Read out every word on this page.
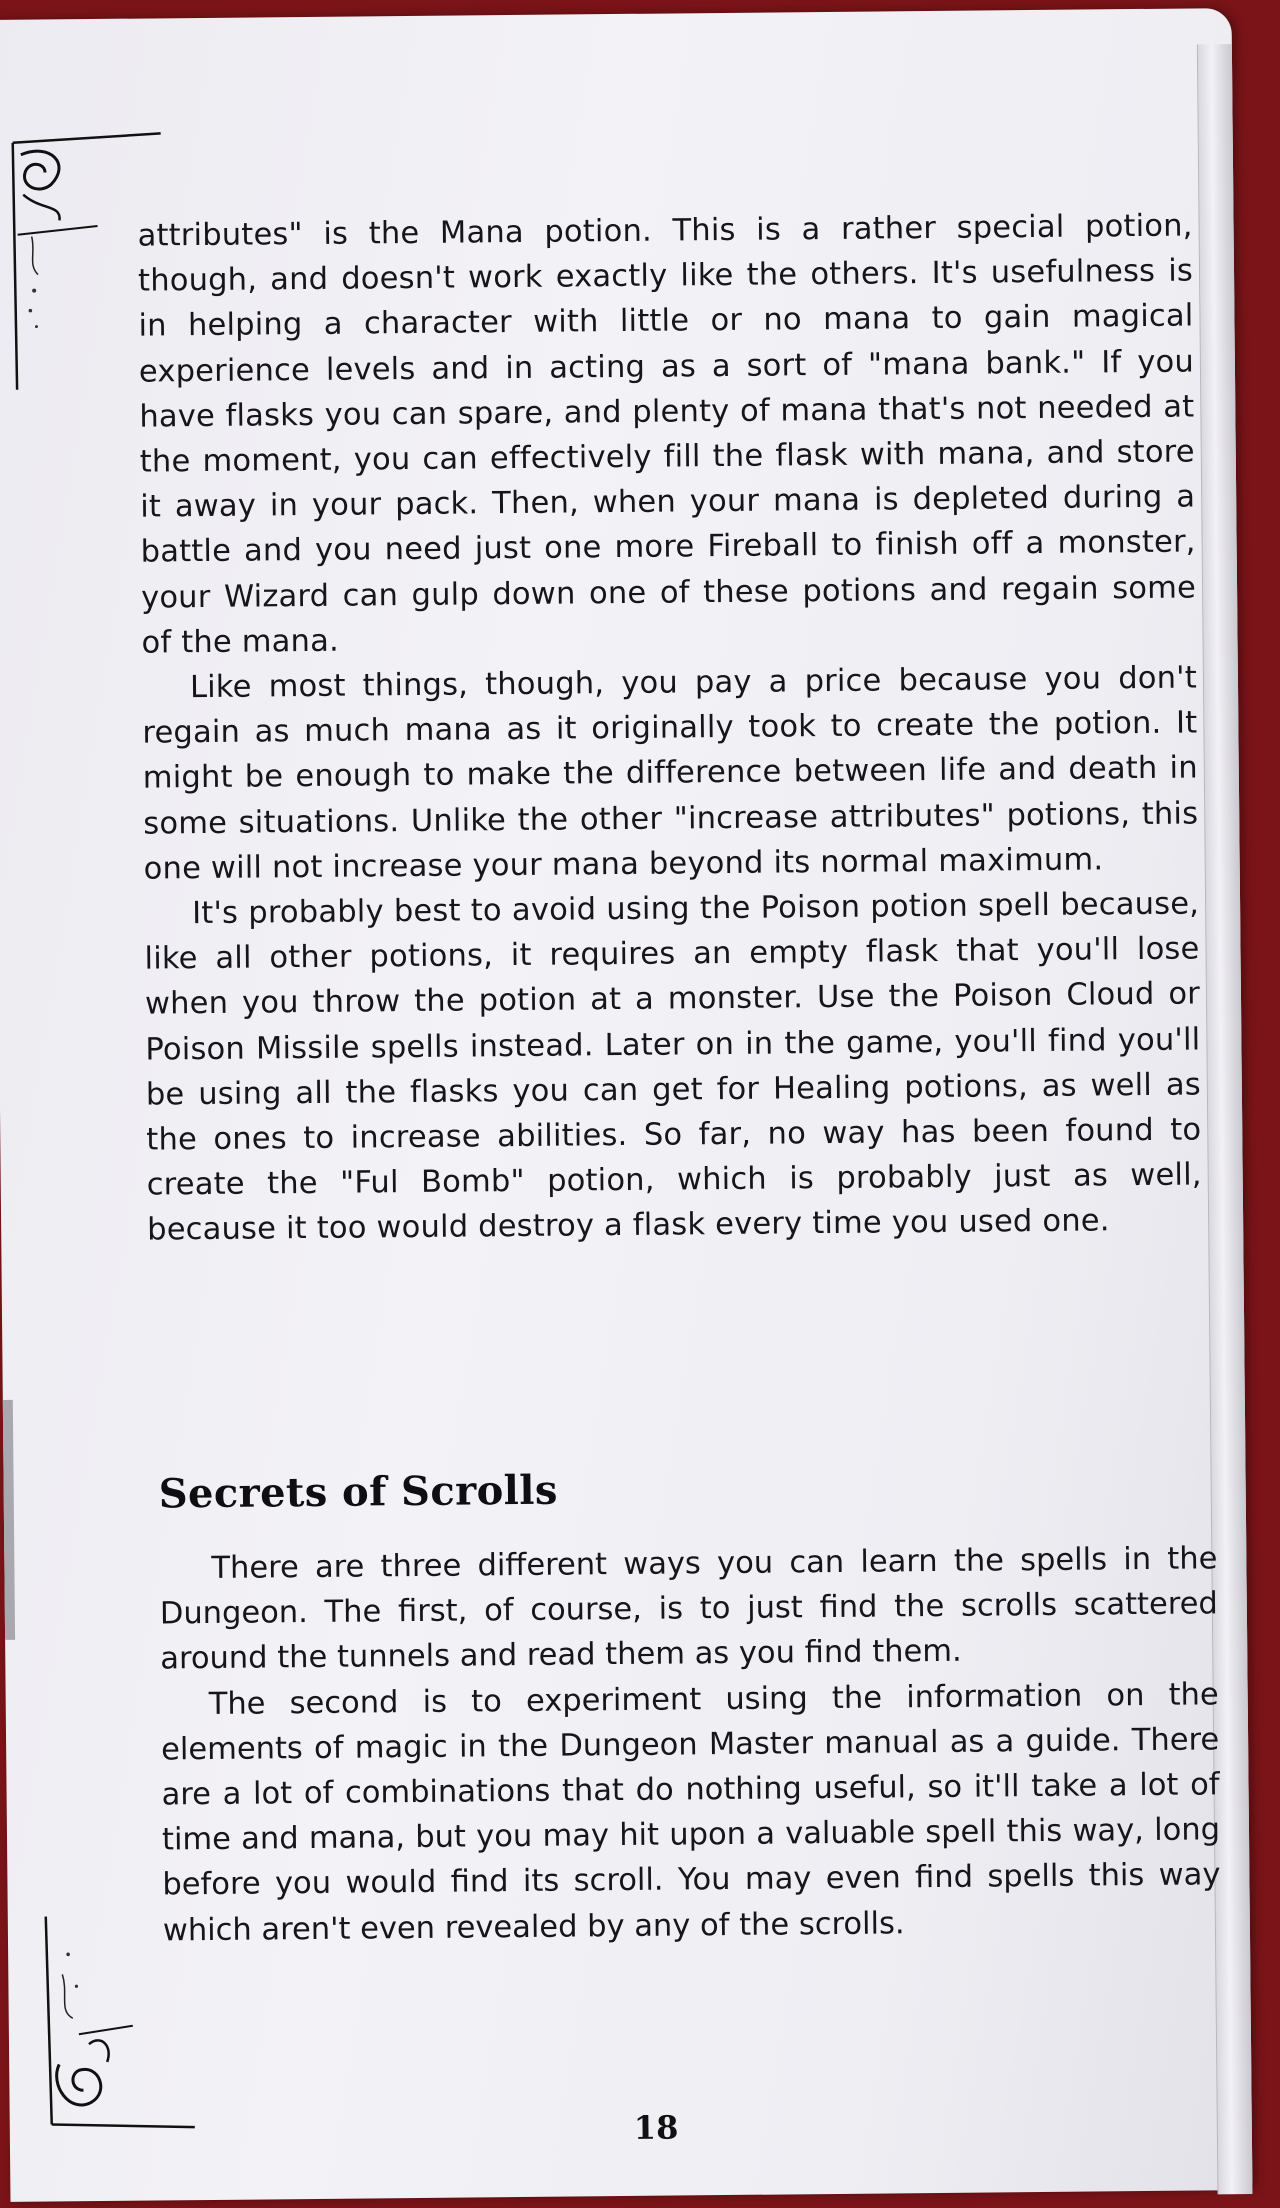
attributes" is the Mana potion. This is a rather special potion, though, and doesn't work exactly like the others. It's usefulness is in helping a character with little or no mana to gain magical experience levels and in acting as a sort of "mana bank." If you have flasks you can spare, and plenty of mana that's not needed at the moment, you can effectively fill the flask with mana, and store it away in your pack. Then, when your mana is depleted during a battle and you need just one more Fireball to finish off a monster, your Wizard can gulp down one of these potions and regain some of the mana.

Like most things, though, you pay a price because you don't regain as much mana as it originally took to create the potion. It might be enough to make the difference between life and death in some situations. Unlike the other "increase attributes" potions, this one will not increase your mana beyond its normal maximum.

It's probably best to avoid using the Poison potion spell because, like all other potions, it requires an empty flask that you'll lose when you throw the potion at a monster. Use the Poison Cloud or Poison Missile spells instead. Later on in the game, you'll find you'll be using all the flasks you can get for Healing potions, as well as the ones to increase abilities. So far, no way has been found to create the "Ful Bomb" potion, which is probably just as well, because it too would destroy a flask every time you used one.

Secrets of Scrolls

There are three different ways you can learn the spells in the Dungeon. The first, of course, is to just find the scrolls scattered around the tunnels and read them as you find them.

The second is to experiment using the information on the elements of magic in the Dungeon Master manual as a guide. There are a lot of combinations that do nothing useful, so it'll take a lot of time and mana, but you may hit upon a valuable spell this way, long before you would find its scroll. You may even find spells this way which aren't even revealed by any of the scrolls.

18
